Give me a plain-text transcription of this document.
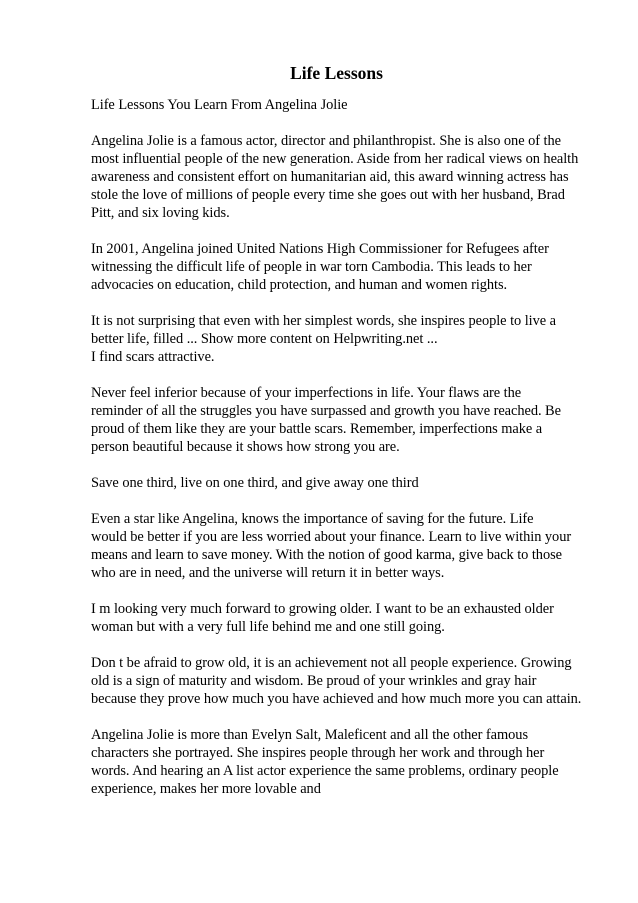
Life Lessons
Life Lessons You Learn From Angelina Jolie
Angelina Jolie is a famous actor, director and philanthropist. She is also one of the
most influential people of the new generation. Aside from her radical views on health
awareness and consistent effort on humanitarian aid, this award winning actress has
stole the love of millions of people every time she goes out with her husband, Brad
Pitt, and six loving kids.
In 2001, Angelina joined United Nations High Commissioner for Refugees after
witnessing the difficult life of people in war torn Cambodia. This leads to her
advocacies on education, child protection, and human and women rights.
It is not surprising that even with her simplest words, she inspires people to live a
better life, filled ... Show more content on Helpwriting.net ...
I find scars attractive.
Never feel inferior because of your imperfections in life. Your flaws are the
reminder of all the struggles you have surpassed and growth you have reached. Be
proud of them like they are your battle scars. Remember, imperfections make a
person beautiful because it shows how strong you are.
Save one third, live on one third, and give away one third
Even a star like Angelina, knows the importance of saving for the future. Life
would be better if you are less worried about your finance. Learn to live within your
means and learn to save money. With the notion of good karma, give back to those
who are in need, and the universe will return it in better ways.
I m looking very much forward to growing older. I want to be an exhausted older
woman but with a very full life behind me and one still going.
Don t be afraid to grow old, it is an achievement not all people experience. Growing
old is a sign of maturity and wisdom. Be proud of your wrinkles and gray hair
because they prove how much you have achieved and how much more you can attain.
Angelina Jolie is more than Evelyn Salt, Maleficent and all the other famous
characters she portrayed. She inspires people through her work and through her
words. And hearing an A list actor experience the same problems, ordinary people
experience, makes her more lovable and
